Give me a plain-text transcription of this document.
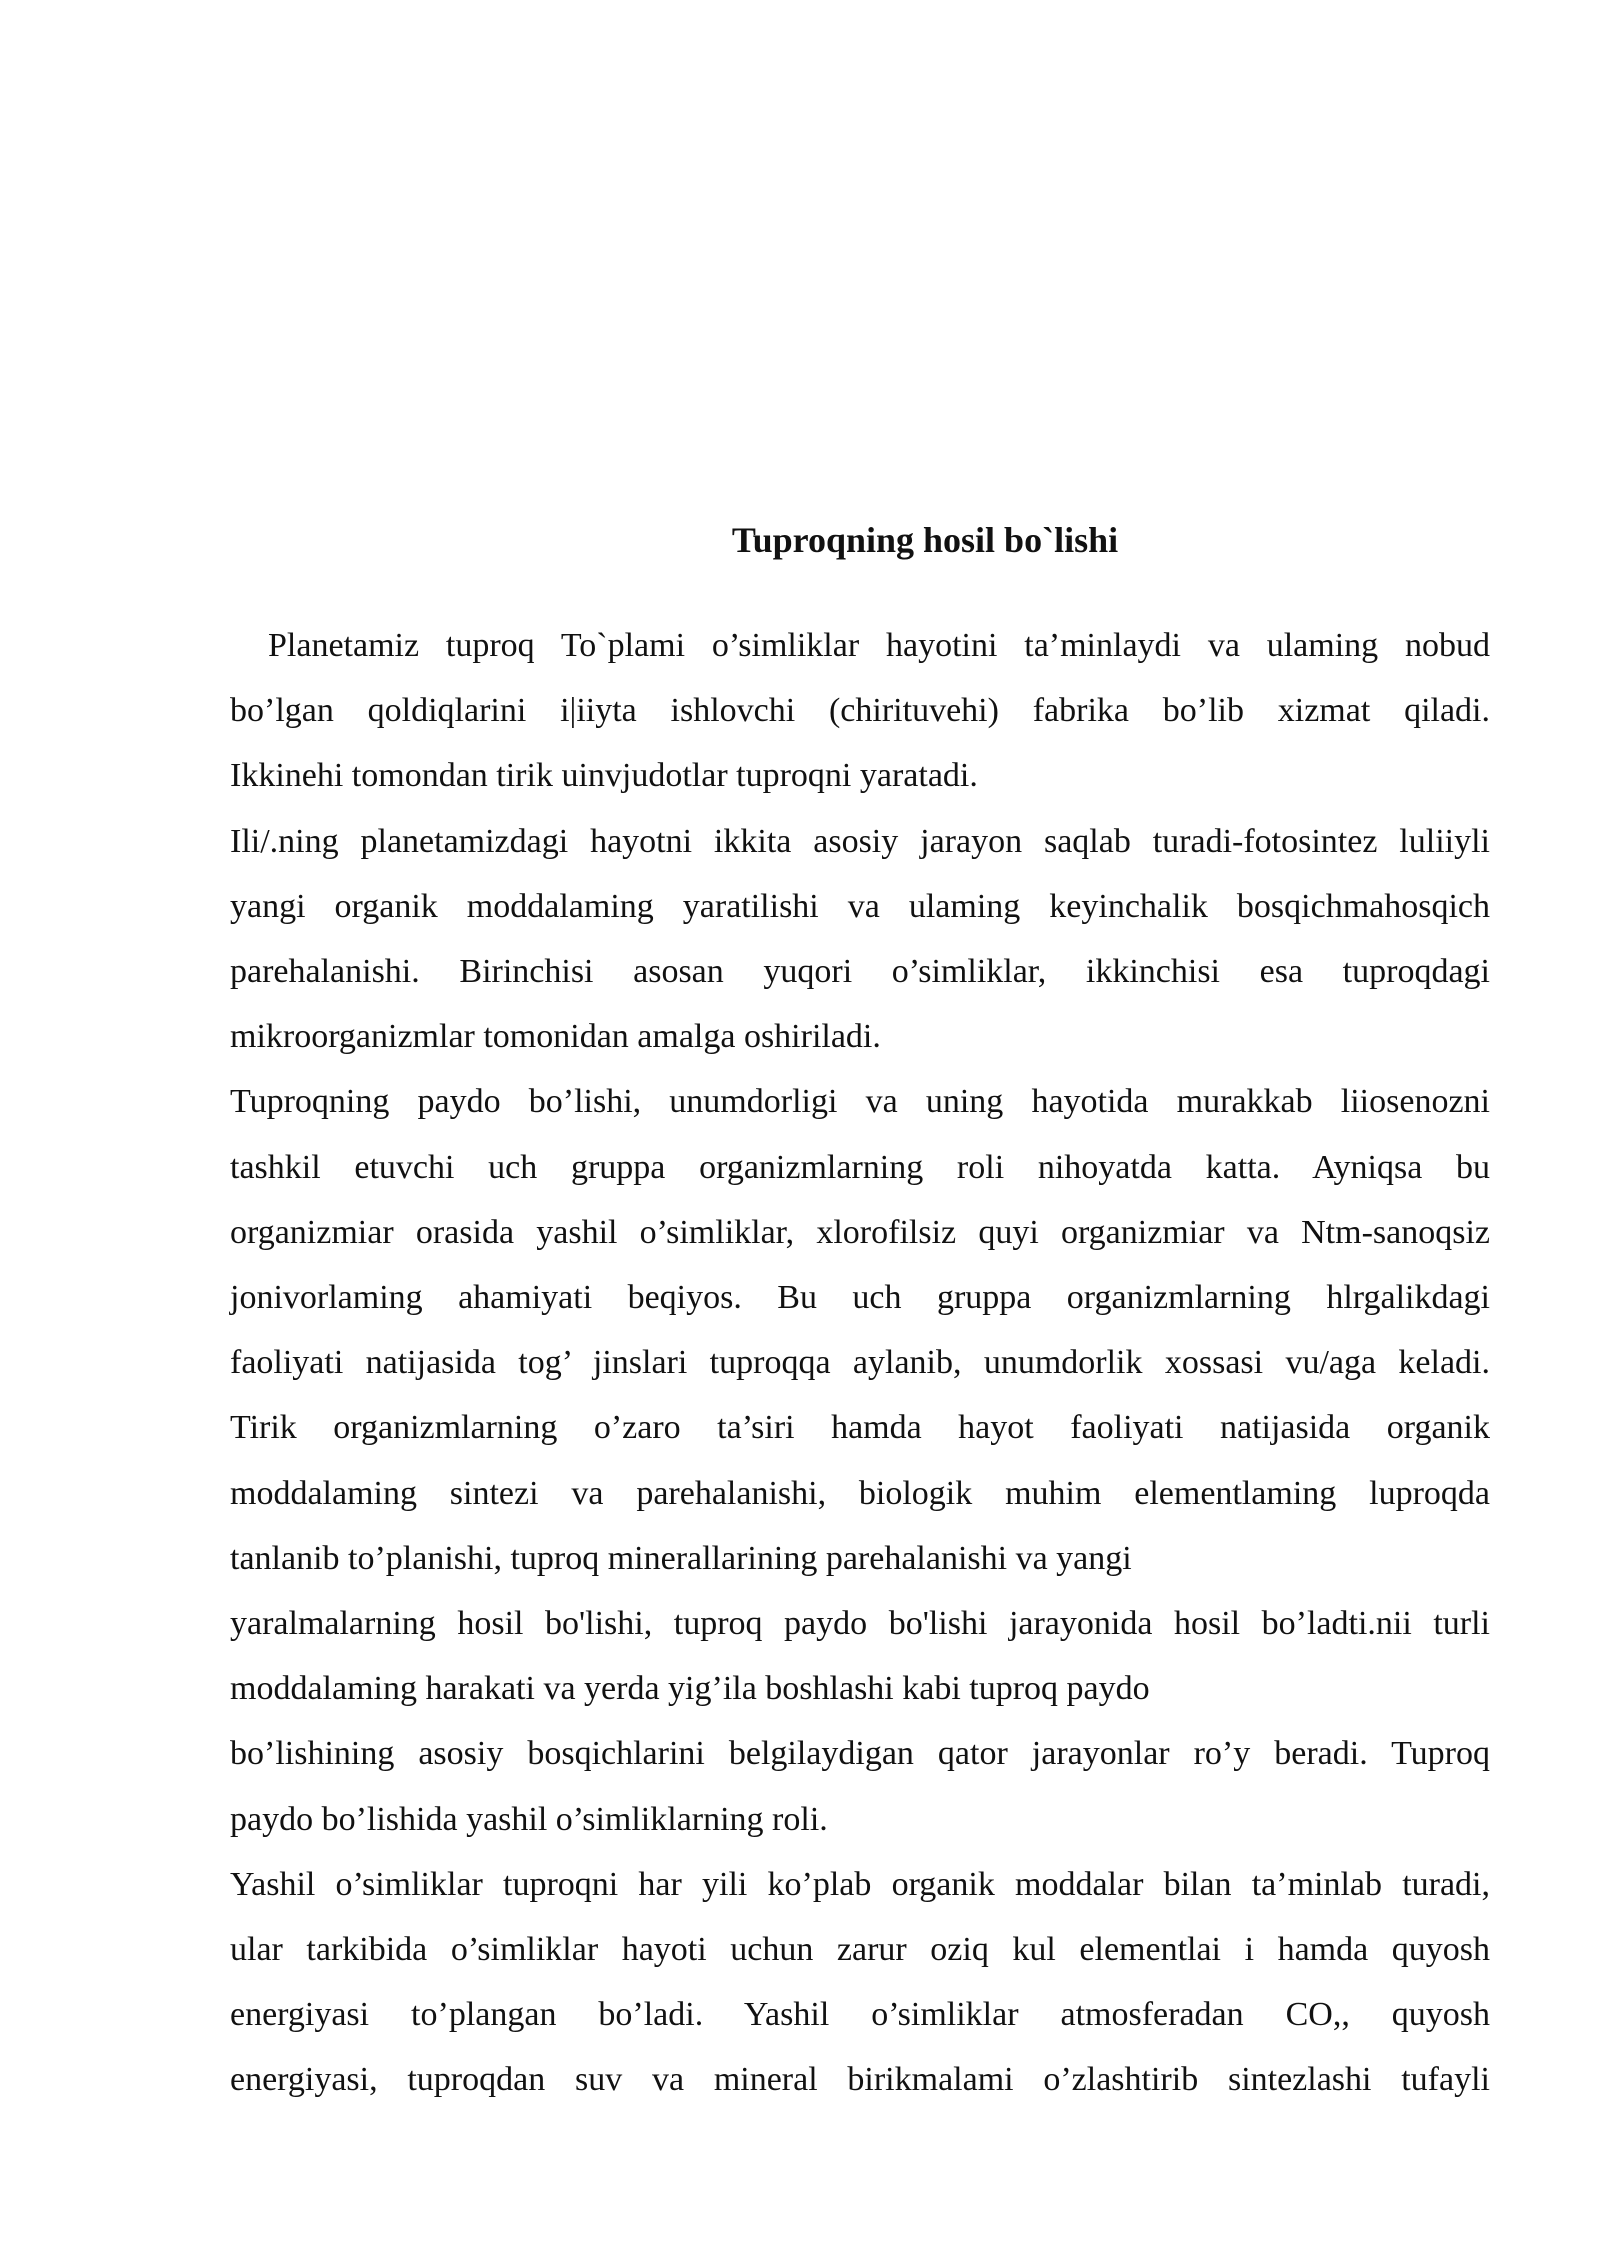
Tuproqning hosil bo`lishi
Planetamiz tuproq To`plami o’simliklar hayotini ta’minlaydi va ulaming nobud
bo’lgan qoldiqlarini i|iiyta ishlovchi (chirituvehi) fabrika bo’lib xizmat qiladi.
Ikkinehi tomondan tirik uinvjudotlar tuproqni yaratadi.
Ili/.ning planetamizdagi hayotni ikkita asosiy jarayon saqlab turadi-fotosintez luliiyli
yangi organik moddalaming yaratilishi va ulaming keyinchalik bosqichmahosqich
parehalanishi. Birinchisi asosan yuqori o’simliklar, ikkinchisi esa tuproqdagi
mikroorganizmlar tomonidan amalga oshiriladi.
Tuproqning paydo bo’lishi, unumdorligi va uning hayotida murakkab liiosenozni
tashkil etuvchi uch gruppa organizmlarning roli nihoyatda katta. Ayniqsa bu
organizmiar orasida yashil o’simliklar, xlorofilsiz quyi organizmiar va Ntm-sanoqsiz
jonivorlaming ahamiyati beqiyos. Bu uch gruppa organizmlarning hlrgalikdagi
faoliyati natijasida tog’ jinslari tuproqqa aylanib, unumdorlik xossasi vu/aga keladi.
Tirik organizmlarning o’zaro ta’siri hamda hayot faoliyati natijasida organik
moddalaming sintezi va parehalanishi, biologik muhim elementlaming luproqda
tanlanib to’planishi, tuproq minerallarining parehalanishi va yangi
yaralmalarning hosil bo'lishi, tuproq paydo bo'lishi jarayonida hosil bo’ladti.nii turli
moddalaming harakati va yerda yig’ila boshlashi kabi tuproq paydo
bo’lishining asosiy bosqichlarini belgilaydigan qator jarayonlar ro’y beradi. Tuproq
paydo bo’lishida yashil o’simliklarning roli.
Yashil o’simliklar tuproqni har yili ko’plab organik moddalar bilan ta’minlab turadi,
ular tarkibida o’simliklar hayoti uchun zarur oziq kul elementlai i hamda quyosh
energiyasi to’plangan bo’ladi. Yashil o’simliklar atmosferadan CO,, quyosh
energiyasi, tuproqdan suv va mineral birikmalami o’zlashtirib sintezlashi tufayli
